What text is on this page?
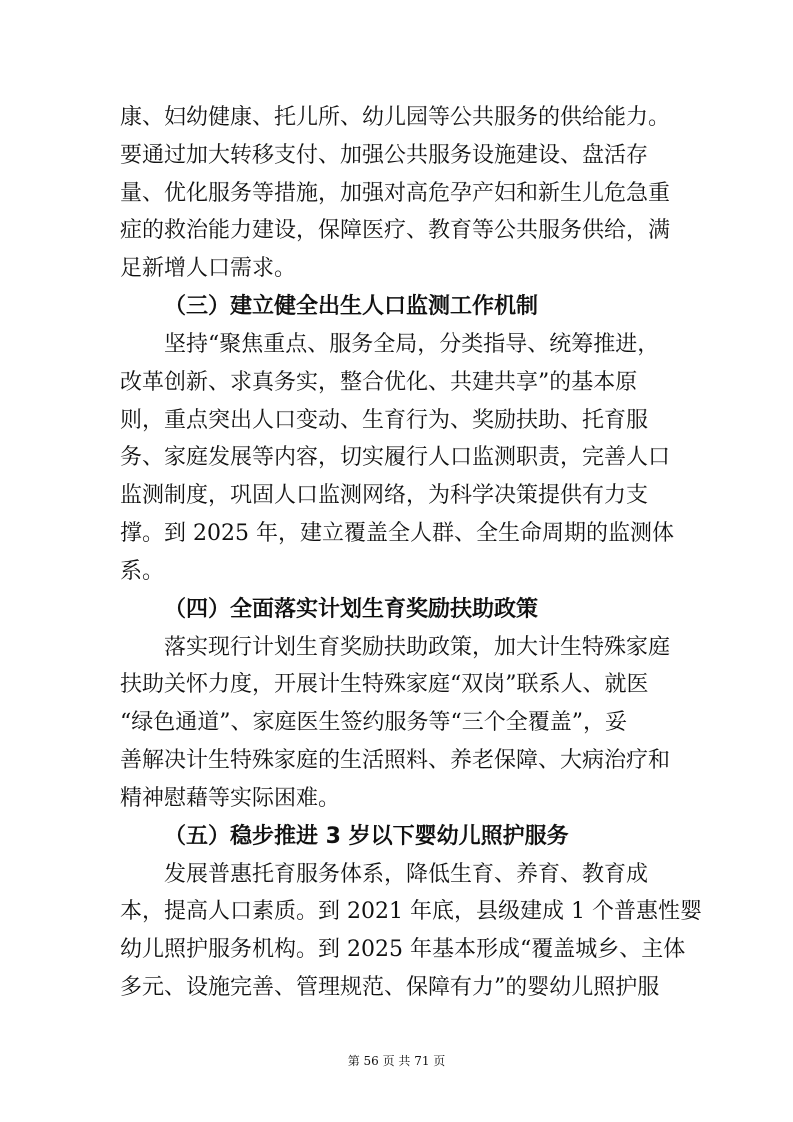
康、妇幼健康、托儿所、幼儿园等公共服务的供给能力。
要通过加大转移支付、加强公共服务设施建设、盘活存
量、优化服务等措施，加强对高危孕产妇和新生儿危急重
症的救治能力建设，保障医疗、教育等公共服务供给，满
足新增人口需求。
（三）建立健全出生人口监测工作机制
坚持“聚焦重点、服务全局，分类指导、统筹推进，
改革创新、求真务实，整合优化、共建共享”的基本原
则，重点突出人口变动、生育行为、奖励扶助、托育服
务、家庭发展等内容，切实履行人口监测职责，完善人口
监测制度，巩固人口监测网络，为科学决策提供有力支
撑。到 2025 年，建立覆盖全人群、全生命周期的监测体
系。
（四）全面落实计划生育奖励扶助政策
落实现行计划生育奖励扶助政策，加大计生特殊家庭
扶助关怀力度，开展计生特殊家庭“双岗”联系人、就医
“绿色通道”、家庭医生签约服务等“三个全覆盖”，妥
善解决计生特殊家庭的生活照料、养老保障、大病治疗和
精神慰藉等实际困难。
（五）稳步推进 3 岁以下婴幼儿照护服务
发展普惠托育服务体系，降低生育、养育、教育成
本，提高人口素质。到 2021 年底，县级建成 1 个普惠性婴
幼儿照护服务机构。到 2025 年基本形成“覆盖城乡、主体
多元、设施完善、管理规范、保障有力”的婴幼儿照护服
第 56 页 共 71 页
